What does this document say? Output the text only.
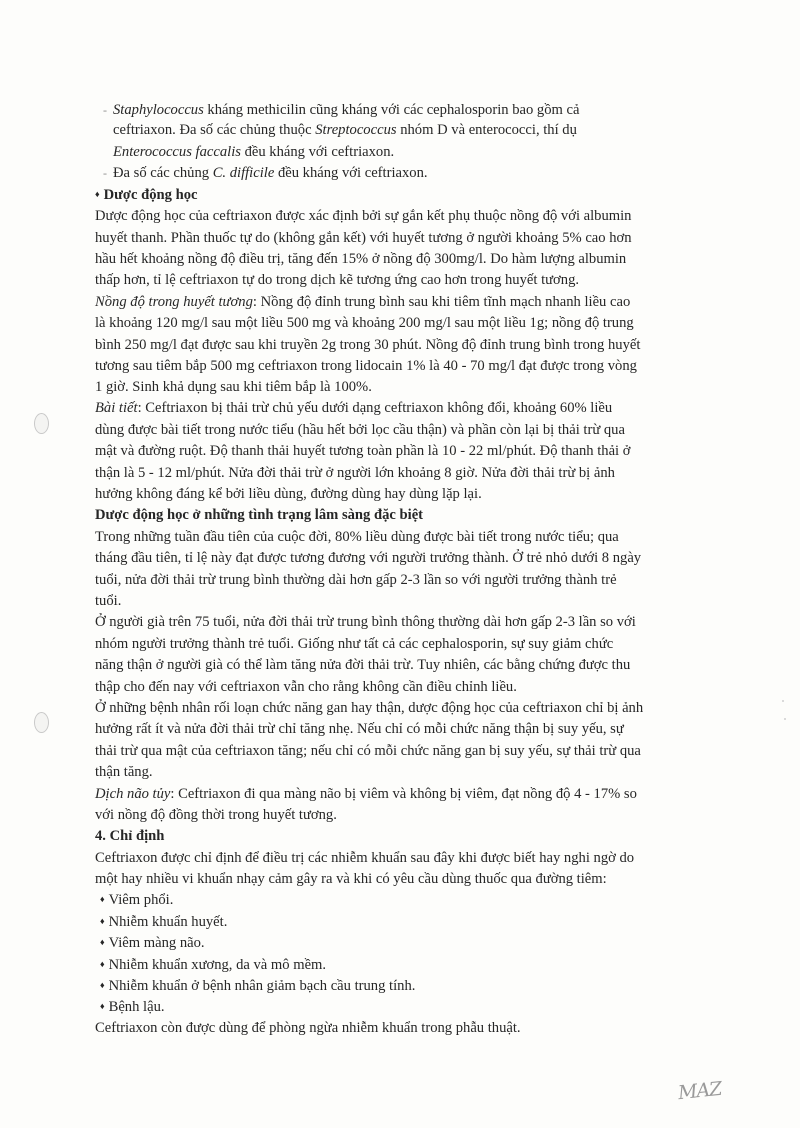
- Staphylococcus kháng methicilin cũng kháng với các cephalosporin bao gồm cả
ceftriaxon. Đa số các chủng thuộc Streptococcus nhóm D và enterococci, thí dụ
Enterococcus faccalis đều kháng với ceftriaxon.
- Đa số các chủng C. difficile đều kháng với ceftriaxon.
♦ Dược động học
Dược động học của ceftriaxon được xác định bởi sự gắn kết phụ thuộc nồng độ với albumin
huyết thanh. Phần thuốc tự do (không gắn kết) với huyết tương ở người khoảng 5% cao hơn
hầu hết khoảng nồng độ điều trị, tăng đến 15% ở nồng độ 300mg/l. Do hàm lượng albumin
thấp hơn, tỉ lệ ceftriaxon tự do trong dịch kẽ tương ứng cao hơn trong huyết tương.
Nồng độ trong huyết tương: Nồng độ đỉnh trung bình sau khi tiêm tĩnh mạch nhanh liều cao
là khoảng 120 mg/l sau một liều 500 mg và khoảng 200 mg/l sau một liều 1g; nồng độ trung
bình 250 mg/l đạt được sau khi truyền 2g trong 30 phút. Nồng độ đỉnh trung bình trong huyết
tương sau tiêm bắp 500 mg ceftriaxon trong lidocain 1% là 40 - 70 mg/l đạt được trong vòng
1 giờ. Sinh khả dụng sau khi tiêm bắp là 100%.
Bài tiết: Ceftriaxon bị thải trừ chủ yếu dưới dạng ceftriaxon không đổi, khoảng 60% liều
dùng được bài tiết trong nước tiểu (hầu hết bởi lọc cầu thận) và phần còn lại bị thải trừ qua
mật và đường ruột. Độ thanh thải huyết tương toàn phần là 10 - 22 ml/phút. Độ thanh thải ở
thận là 5 - 12 ml/phút. Nửa đời thải trừ ở người lớn khoảng 8 giờ. Nửa đời thải trừ bị ảnh
hưởng không đáng kể bởi liều dùng, đường dùng hay dùng lặp lại.
Dược động học ở những tình trạng lâm sàng đặc biệt
Trong những tuần đầu tiên của cuộc đời, 80% liều dùng được bài tiết trong nước tiểu; qua
tháng đầu tiên, tỉ lệ này đạt được tương đương với người trưởng thành. Ở trẻ nhỏ dưới 8 ngày
tuổi, nửa đời thải trừ trung bình thường dài hơn gấp 2-3 lần so với người trưởng thành trẻ
tuổi.
Ở người già trên 75 tuổi, nửa đời thải trừ trung bình thông thường dài hơn gấp 2-3 lần so với
nhóm người trưởng thành trẻ tuổi. Giống như tất cả các cephalosporin, sự suy giảm chức
năng thận ở người già có thể làm tăng nửa đời thải trừ. Tuy nhiên, các bằng chứng được thu
thập cho đến nay với ceftriaxon vẫn cho rằng không cần điều chỉnh liều.
Ở những bệnh nhân rối loạn chức năng gan hay thận, dược động học của ceftriaxon chỉ bị ảnh
hưởng rất ít và nửa đời thải trừ chỉ tăng nhẹ. Nếu chỉ có mỗi chức năng thận bị suy yếu, sự
thải trừ qua mật của ceftriaxon tăng; nếu chỉ có mỗi chức năng gan bị suy yếu, sự thải trừ qua
thận tăng.
Dịch não tủy: Ceftriaxon đi qua màng não bị viêm và không bị viêm, đạt nồng độ 4 - 17% so
với nồng độ đồng thời trong huyết tương.
4. Chỉ định
Ceftriaxon được chỉ định để điều trị các nhiễm khuẩn sau đây khi được biết hay nghi ngờ do
một hay nhiều vi khuẩn nhạy cảm gây ra và khi có yêu cầu dùng thuốc qua đường tiêm:
♦ Viêm phổi.
♦ Nhiễm khuẩn huyết.
♦ Viêm màng não.
♦ Nhiễm khuẩn xương, da và mô mềm.
♦ Nhiễm khuẩn ở bệnh nhân giảm bạch cầu trung tính.
♦ Bệnh lậu.
Ceftriaxon còn được dùng để phòng ngừa nhiễm khuẩn trong phẫu thuật.
MAZ
